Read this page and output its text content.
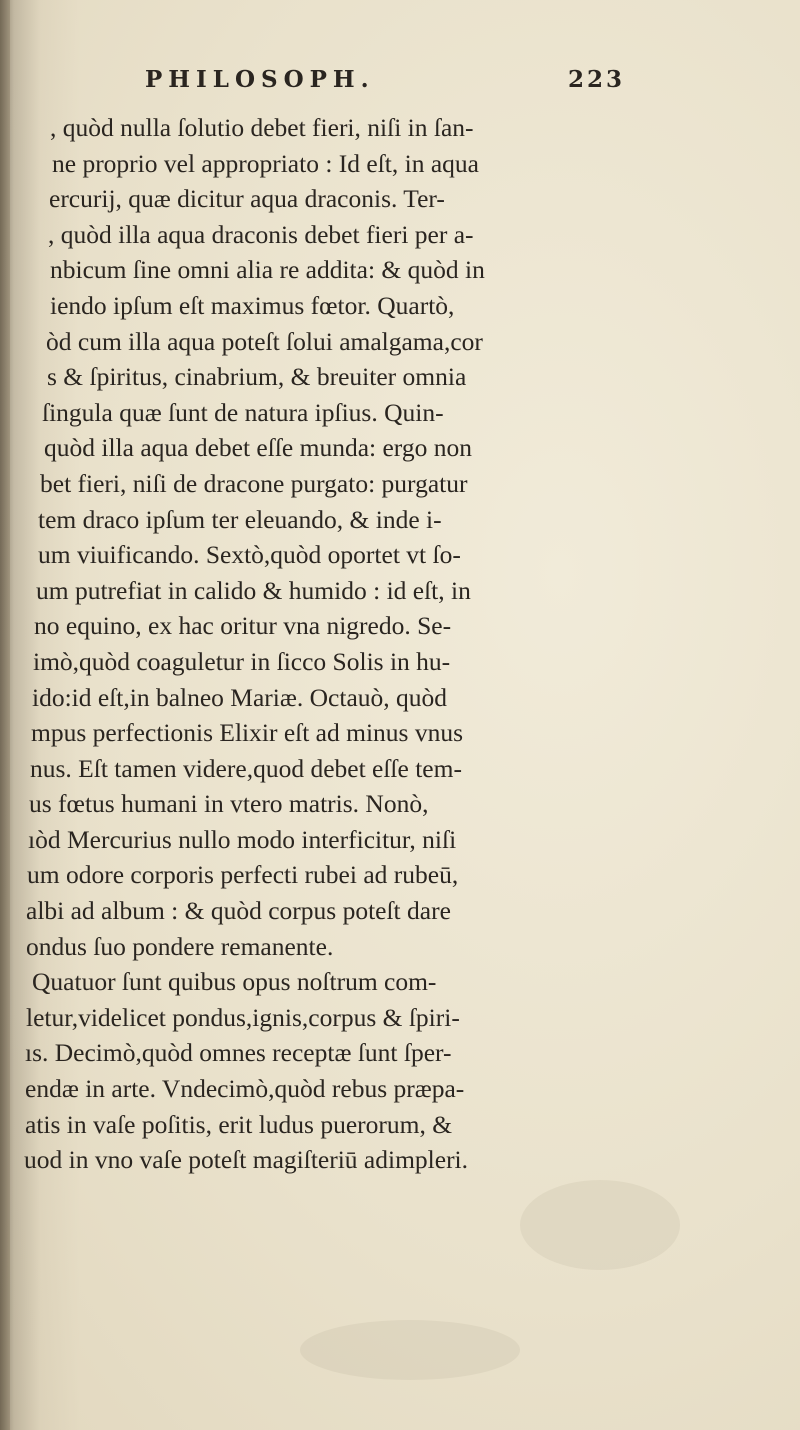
PHILOSOPH.	223
, quòd nulla ſolutio debet fieri, niſi in ſan-
ne proprio vel appropriato : Id eſt, in aqua
ercurij, quæ dicitur aqua draconis. Ter-
, quòd illa aqua draconis debet fieri per a-
nbicum ſine omni alia re addita: & quòd in
iendo ipſum eſt maximus fœtor. Quartò,
òd cum illa aqua poteſt ſolui amalgama,cor
s & ſpiritus, cinabrium, & breuiter omnia
ſingula quæ ſunt de natura ipſius. Quin-
quòd illa aqua debet eſſe munda: ergo non
bet fieri, niſi de dracone purgato: purgatur
tem draco ipſum ter eleuando, & inde i-
um viuificando. Sextò,quòd oportet vt ſo-
um putrefiat in calido & humido : id eſt, in
no equino, ex hac oritur vna nigredo. Se-
imò,quòd coaguletur in ſicco Solis in hu-
ido:id eſt,in balneo Mariæ. Octauò, quòd
mpus perfectionis Elixir eſt ad minus vnus
nus. Eſt tamen videre,quod debet eſſe tem-
us fœtus humani in vtero matris. Nonò,
ıòd Mercurius nullo modo interficitur, niſi
um odore corporis perfecti rubei ad rubeū,
albi ad album : & quòd corpus poteſt dare
ondus ſuo pondere remanente.
Quatuor ſunt quibus opus noſtrum com-
letur,videlicet pondus,ignis,corpus & ſpiri-
ıs. Decimò,quòd omnes receptæ ſunt ſper-
endæ in arte. Vndecimò,quòd rebus præpa-
atis in vaſe poſitis, erit ludus puerorum, &
uod in vno vaſe poteſt magiſteriū adimpleri.
